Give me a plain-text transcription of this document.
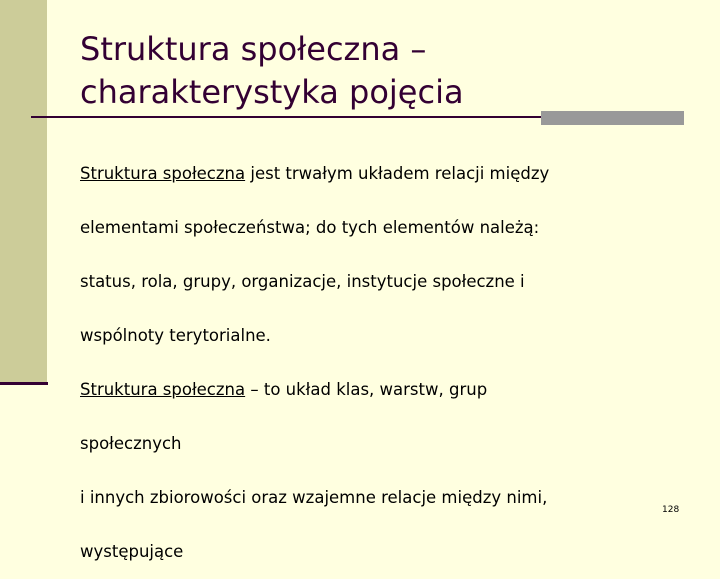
Struktura społeczna –
charakterystyka pojęcia

Struktura społeczna jest trwałym układem relacji między
elementami społeczeństwa; do tych elementów należą:
status, rola, grupy, organizacje, instytucje społeczne i
wspólnoty terytorialne.

Struktura społeczna – to układ klas, warstw, grup
społecznych
i innych zbiorowości oraz wzajemne relacje między nimi,
występujące

128
